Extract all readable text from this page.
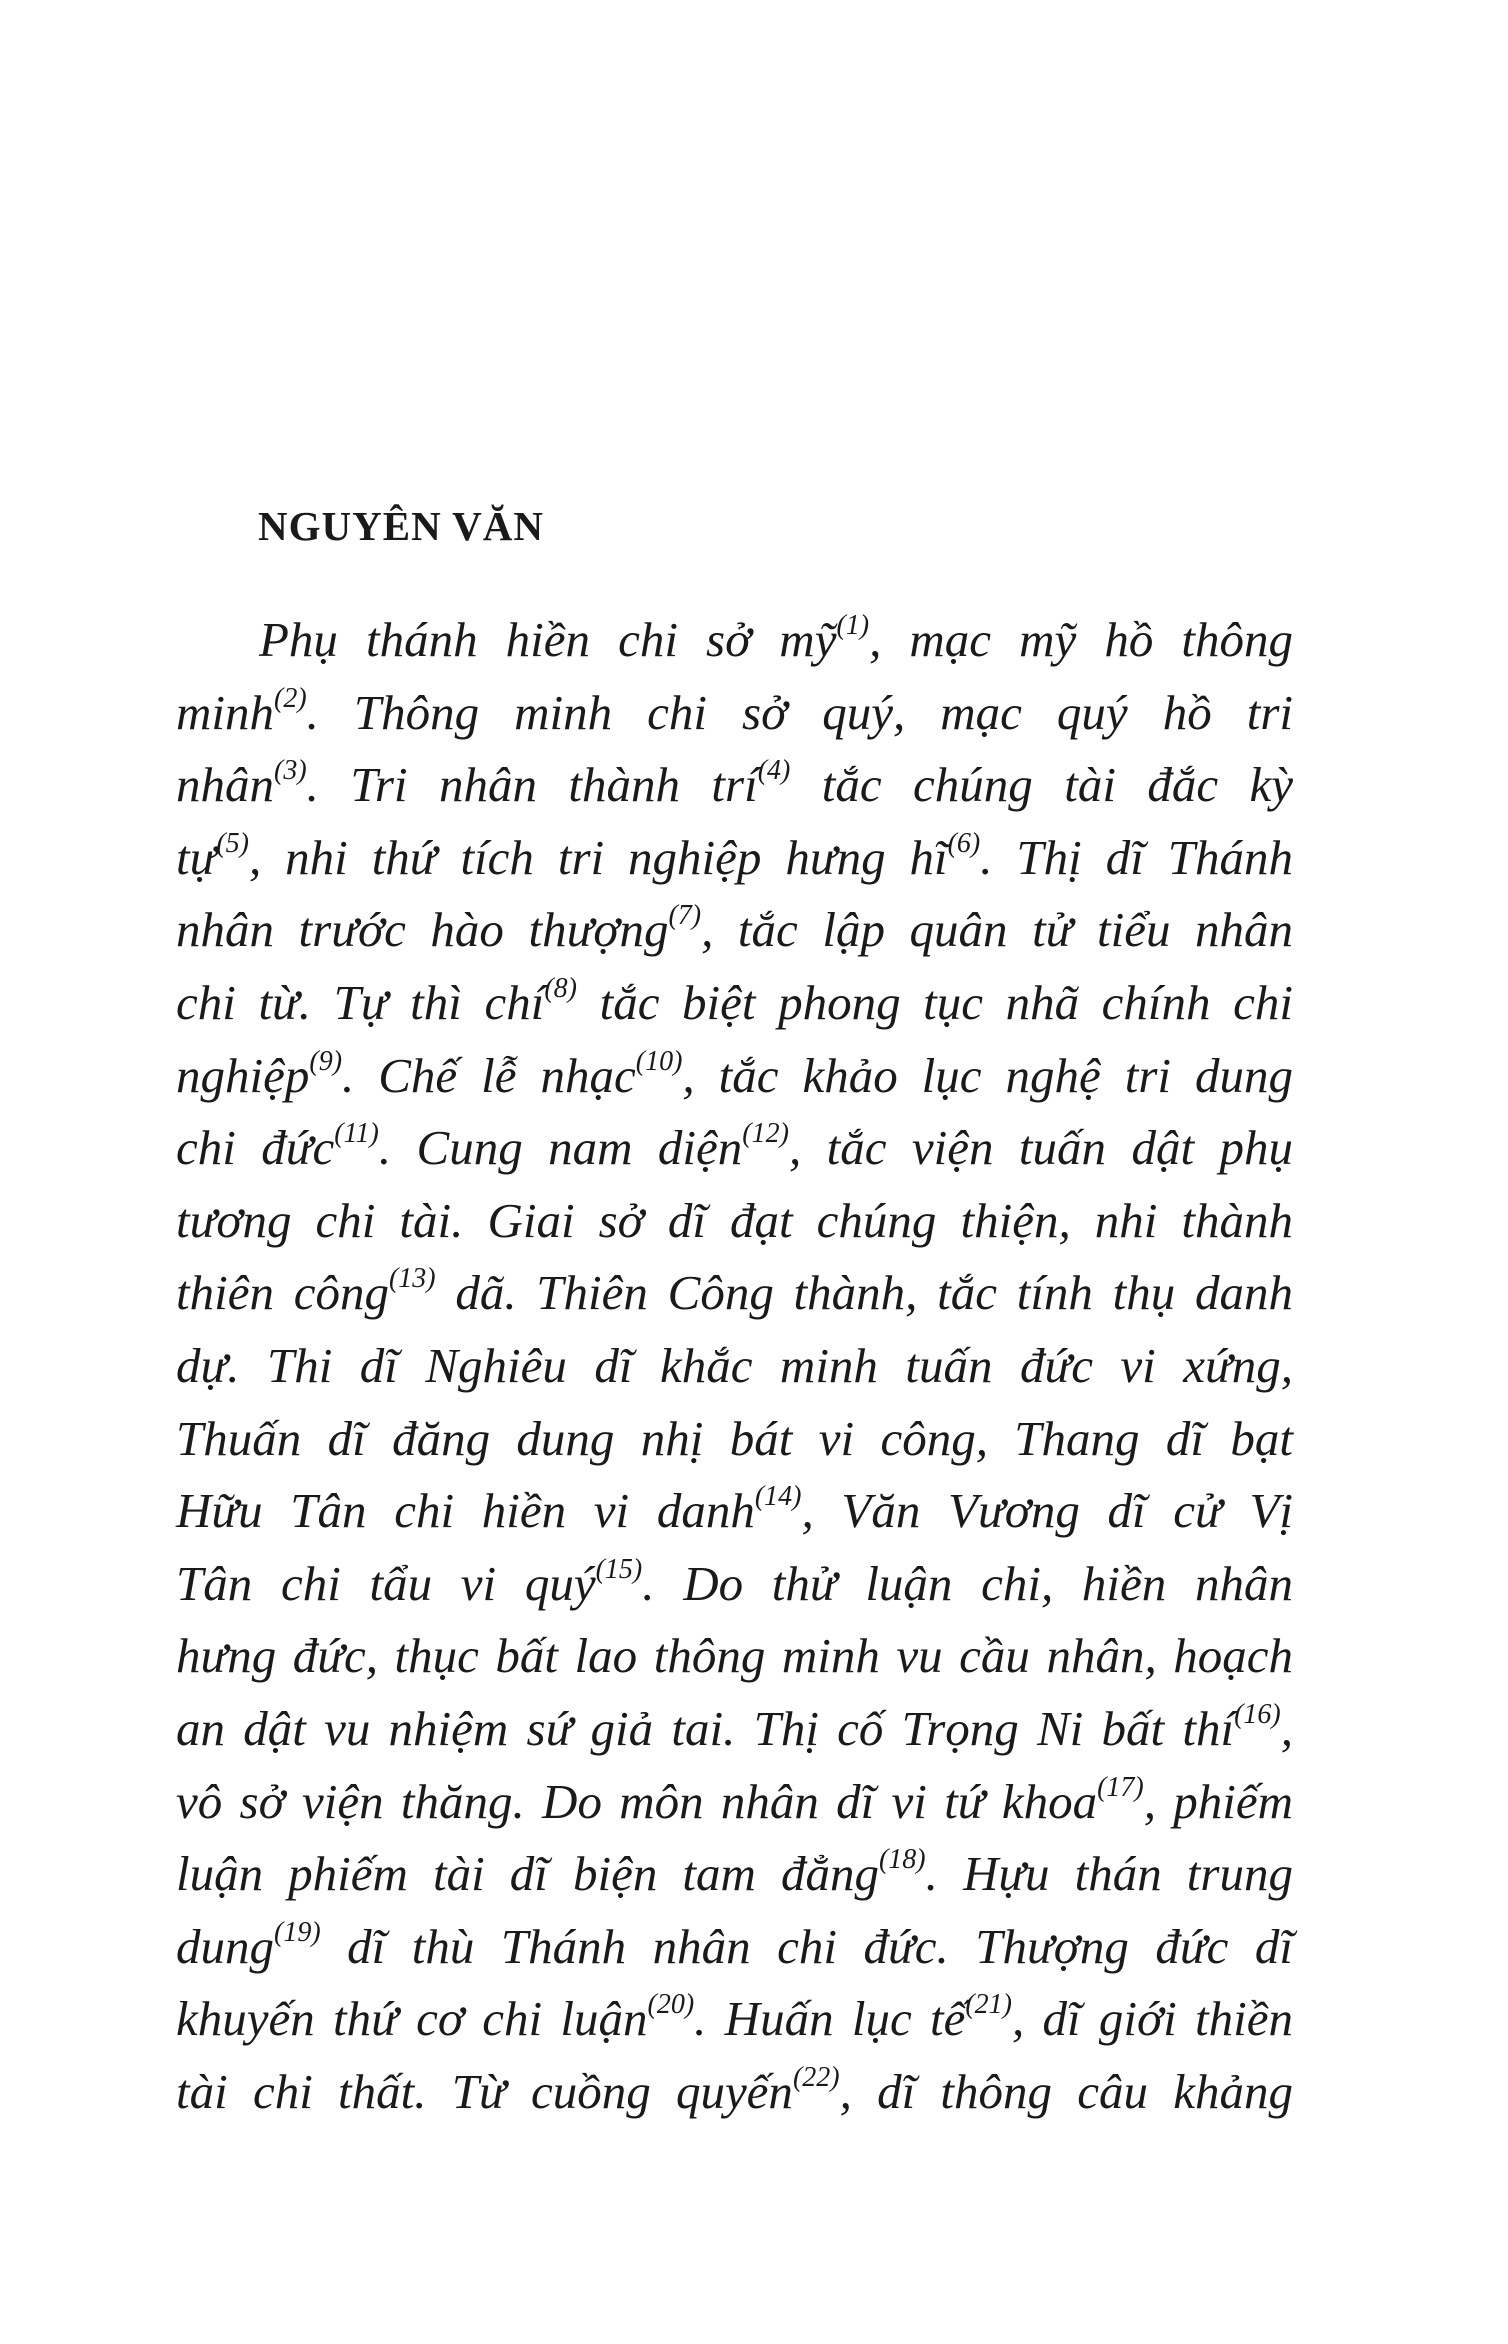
NGUYÊN VĂN
Phụ thánh hiền chi sở mỹ$^{(1)}$, mạc mỹ hồ thông
minh$^{(2)}$. Thông minh chi sở quý, mạc quý hồ tri
nhân$^{(3)}$. Tri nhân thành trí$^{(4)}$ tắc chúng tài đắc kỳ
tự$^{(5)}$, nhi thứ tích tri nghiệp hưng $hĩ^{(6)}$. Thị dĩ Thánh
nhân trước hào thượng$^{(7)}$, tắc lập quân tử tiểu nhân
chi từ. Tự thì chí$^{(8)}$ tắc biệt phong tục nhã chính chi
nghiệp$^{(9)}$. Chế lễ nhạc$^{(10)}$, tắc khảo lục nghệ tri dung
chi đức$^{(11)}$. Cung nam diện$^{(12)}$, tắc viện tuấn dật phụ
tương chi tài. Giai sở dĩ đạt chúng thiện, nhi thành
thiên công$^{(13)}$ dã. Thiên Công thành, tắc tính thụ danh
dự. Thi dĩ Nghiêu dĩ khắc minh tuấn đức vi xứng,
Thuấn dĩ đăng dung nhị bát vi công, Thang dĩ bạt
Hữu Tân chi hiền vi danh$^{(14)}$, Văn Vương dĩ cử Vị
Tân chi tẩu vi quý$^{(15)}$. Do thử luận chi, hiền nhân
hưng đức, thục bất lao thông minh vu cầu nhân, hoạch
an dật vu nhiệm sứ giả tai. Thị cố Trọng Ni bất thí$^{(16)}$,
vô sở viện thăng. Do môn nhân dĩ vi tứ khoa$^{(17)}$, phiếm
luận phiếm tài dĩ biện tam đẳng$^{(18)}$. Hựu thán trung
dung$^{(19)}$ dĩ thù Thánh nhân chi đức. Thượng đức dĩ
khuyến thứ cơ chi luận$^{(20)}$. Huấn lục tế$^{(21)}$, dĩ giới thiền
tài chi thất. Từ cuồng quyến$^{(22)}$, dĩ thông câu khảng
